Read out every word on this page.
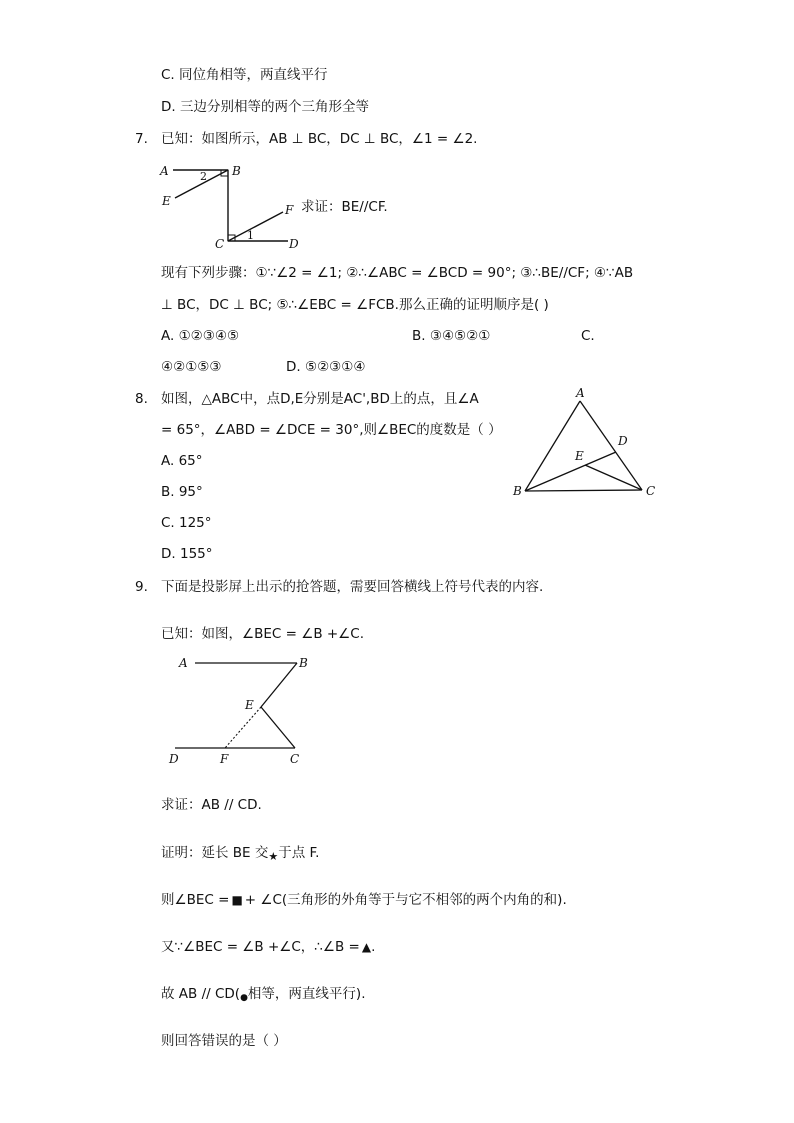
C. 同位角相等，两直线平行
D. 三边分别相等的两个三角形全等
7. 已知：如图所示，AB ⊥ BC，DC ⊥ BC，∠1 = ∠2.
A	B
C	D
E
F
1
2
求证：BE//CF.
现有下列步骤：①∵∠2 = ∠1; ②∴∠ABC = ∠BCD = 90°; ③∴BE//CF; ④∵AB
⊥ BC，DC ⊥ BC; ⑤∴∠EBC = ∠FCB.那么正确的证明顺序是( )
A. ①②③④⑤	B. ③④⑤②①	C.
④②①⑤③	D. ⑤②③①④
8. 如图，△ABC中，点D,E分别是AC',BD上的点，且∠A
= 65°，∠ABD = ∠DCE = 30°,则∠BEC的度数是（ ）
A. 65°
B. 95°
C. 125°
D. 155°
A
B	C
D
E
9. 下面是投影屏上出示的抢答题，需要回答横线上符号代表的内容.
已知：如图，∠BEC = ∠B +∠C.
A	B
C
D
E
F
求证：AB // CD.
证明：延长 BE 交★于点 F.
则∠BEC = ■ + ∠C(三角形的外角等于与它不相邻的两个内角的和).
又∵∠BEC = ∠B +∠C，∴∠B = ▲.
故 AB // CD(●相等，两直线平行).
则回答错误的是（ ）
